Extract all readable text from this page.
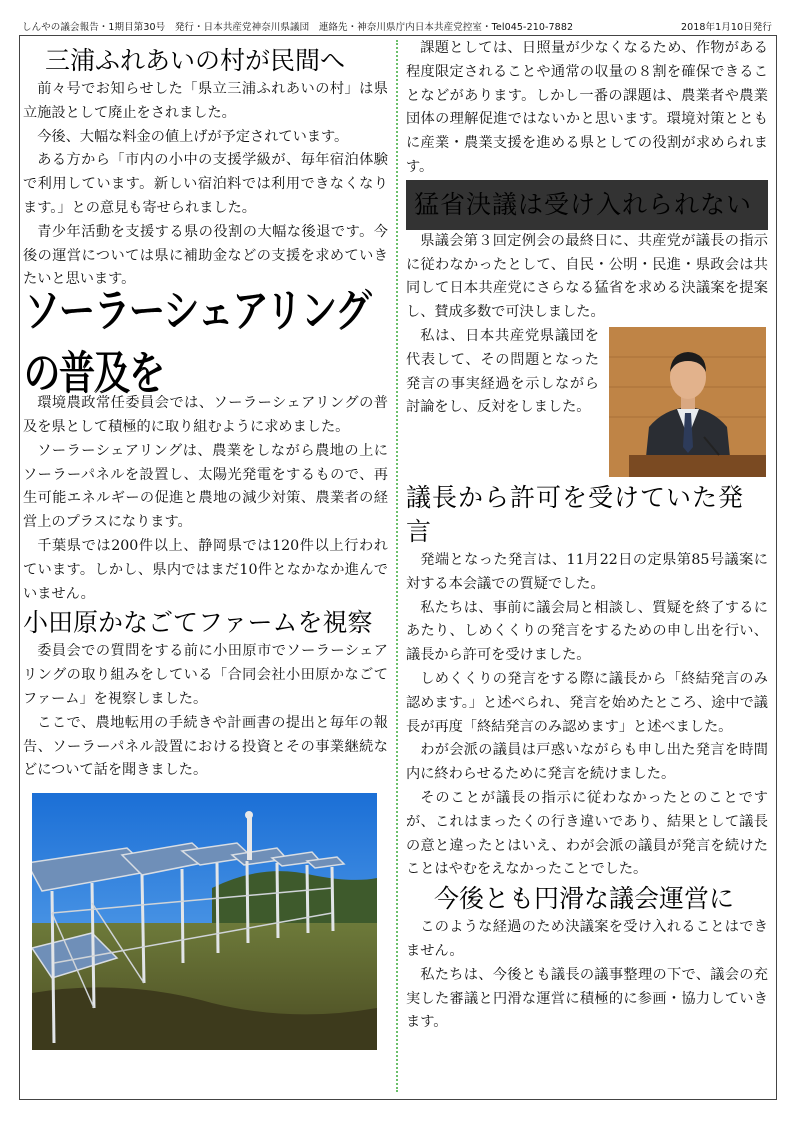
しんやの議会報告・1期目第30号　発行・日本共産党神奈川県議団　連絡先・神奈川県庁内日本共産党控室・Tel045-210-7882	2018年1月10日発行
三浦ふれあいの村が民間へ

前々号でお知らせした「県立三浦ふれあいの村」は県立施設として廃止をされました。

今後、大幅な料金の値上げが予定されています。

ある方から「市内の小中の支援学級が、毎年宿泊体験で利用しています。新しい宿泊料では利用できなくなります。」との意見も寄せられました。

青少年活動を支援する県の役割の大幅な後退です。今後の運営については県に補助金などの支援を求めていきたいと思います。

ソーラーシェアリングの普及を

環境農政常任委員会では、ソーラーシェアリングの普及を県として積極的に取り組むように求めました。

ソーラーシェアリングは、農業をしながら農地の上にソーラーパネルを設置し、太陽光発電をするもので、再生可能エネルギーの促進と農地の減少対策、農業者の経営上のプラスになります。

千葉県では200件以上、静岡県では120件以上行われています。しかし、県内ではまだ10件となかなか進んでいません。

小田原かなごてファームを視察

委員会での質問をする前に小田原市でソーラーシェアリングの取り組みをしている「合同会社小田原かなごてファーム」を視察しました。

ここで、農地転用の手続きや計画書の提出と毎年の報告、ソーラーパネル設置における投資とその事業継続などについて話を聞きました。

課題としては、日照量が少なくなるため、作物がある程度限定されることや通常の収量の８割を確保できることなどがあります。しかし一番の課題は、農業者や農業団体の理解促進ではないかと思います。環境対策とともに産業・農業支援を進める県としての役割が求められます。

猛省決議は受け入れられない

県議会第３回定例会の最終日に、共産党が議長の指示に従わなかったとして、自民・公明・民進・県政会は共同して日本共産党にさらなる猛省を求める決議案を提案し、賛成多数で可決しました。

私は、日本共産党県議団を代表して、その問題となった発言の事実経過を示しながら討論をし、反対をしました。

議長から許可を受けていた発言

発端となった発言は、11月22日の定県第85号議案に対する本会議での質疑でした。

私たちは、事前に議会局と相談し、質疑を終了するにあたり、しめくくりの発言をするための申し出を行い、議長から許可を受けました。

しめくくりの発言をする際に議長から「終結発言のみ認めます。」と述べられ、発言を始めたところ、途中で議長が再度「終結発言のみ認めます」と述べました。

わが会派の議員は戸惑いながらも申し出た発言を時間内に終わらせるために発言を続けました。

そのことが議長の指示に従わなかったとのことですが、これはまったくの行き違いであり、結果として議長の意と違ったとはいえ、わが会派の議員が発言を続けたことはやむをえなかったことでした。

今後とも円滑な議会運営に

このような経過のため決議案を受け入れることはできません。

私たちは、今後とも議長の議事整理の下で、議会の充実した審議と円滑な運営に積極的に参画・協力していきます。
